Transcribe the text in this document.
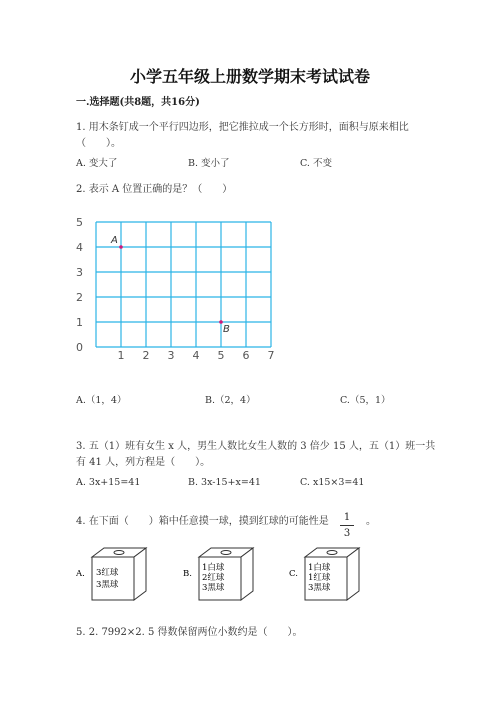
小学五年级上册数学期末考试试卷
一.选择题(共8题，共16分)
1. 用木条钉成一个平行四边形，把它推拉成一个长方形时，面积与原来相比
（　　）。
A. 变大了	B. 变小了	C. 不变
2. 表示 A 位置正确的是？（　　）
1 2 3 4 5 6 7
0
1
2
3
4
5
A
B
A.（1，4）	B.（2，4）	C.（5，1）
3. 五（1）班有女生 x 人，男生人数比女生人数的 3 倍少 15 人，五（1）班一共
有 41 人，列方程是（　　）。
A. 3x+15=41	B. 3x-15+x=41	C. x15×3=41
4. 在下面（　　）箱中任意摸一球，摸到红球的可能性是	1
3
。
A. 3红球
3黑球
B.
1白球
2红球
3黑球
C.
1白球
1红球
3黑球
5. 2. 7992×2. 5 得数保留两位小数约是（　　）。
